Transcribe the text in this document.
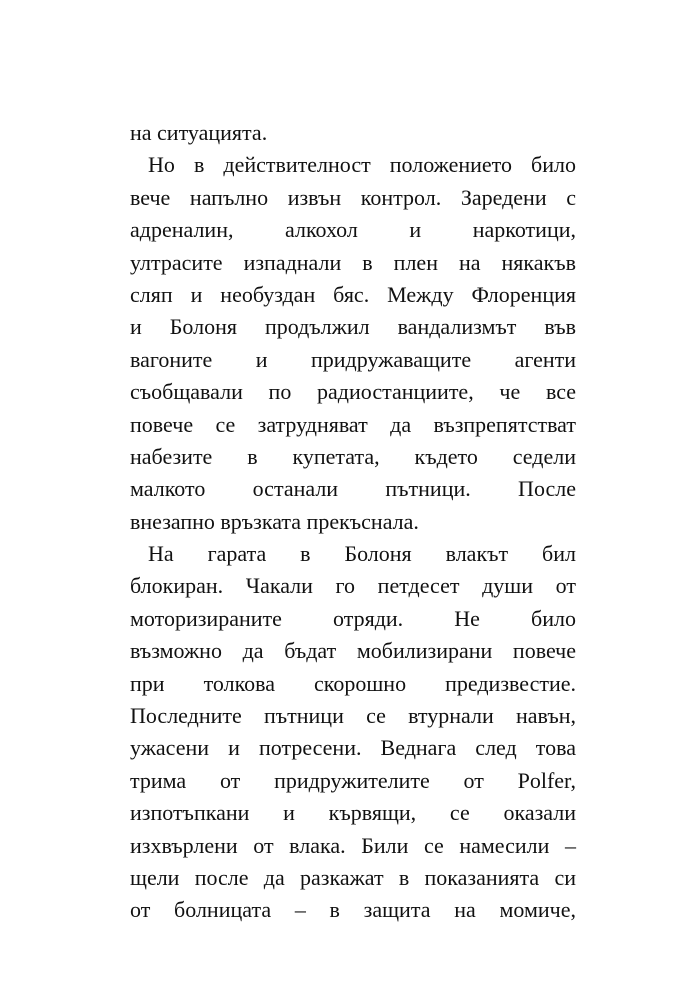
на ситуацията.
Но в действителност положението било
вече напълно извън контрол. Заредени с
адреналин, алкохол и наркотици,
ултрасите изпаднали в плен на някакъв
сляп и необуздан бяс. Между Флоренция
и Болоня продължил вандализмът във
вагоните и придружаващите агенти
съобщавали по радиостанциите, че все
повече се затрудняват да възпрепятстват
набезите в купетата, където седели
малкото останали пътници. После
внезапно връзката прекъснала.
На гарата в Болоня влакът бил
блокиран. Чакали го петдесет души от
моторизираните отряди. Не било
възможно да бъдат мобилизирани повече
при толкова скорошно предизвестие.
Последните пътници се втурнали навън,
ужасени и потресени. Веднага след това
трима от придружителите от Polfer,
изпотъпкани и кървящи, се оказали
изхвърлени от влака. Били се намесили –
щели после да разкажат в показанията си
от болницата – в защита на момиче,
